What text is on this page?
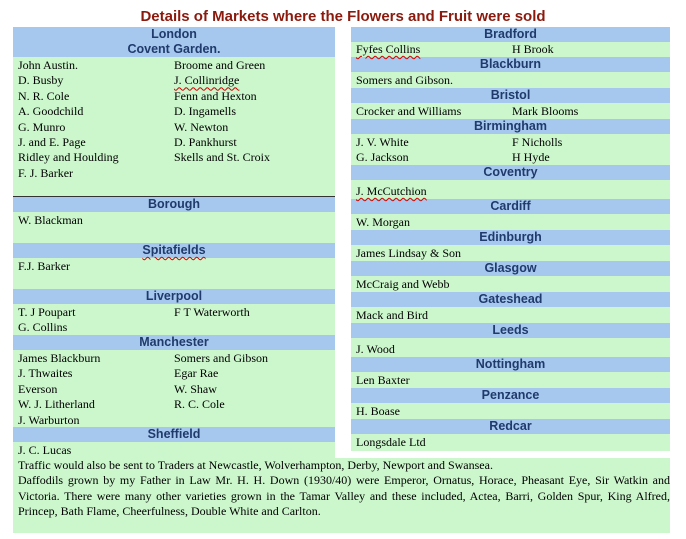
Details of Markets where the Flowers and Fruit were sold
London
Covent Garden.
John Austin.	Broome and Green
D. Busby	J. Collinridge
N. R. Cole	Fenn and Hexton
A. Goodchild	D. Ingamells
G. Munro	W. Newton
J. and E. Page	D. Pankhurst
Ridley and Houlding	Skells and St. Croix
F. J. Barker
Borough
W. Blackman
Spitafields
F.J. Barker
Liverpool
T. J Poupart	F T Waterworth
G. Collins
Manchester
James Blackburn	Somers and Gibson
J. Thwaites	Egar Rae
Everson	W. Shaw
W. J. Litherland	R. C. Cole
J. Warburton
Sheffield
J. C. Lucas
Bradford
Fyfes Collins	H Brook
Blackburn
Somers and Gibson.
Bristol
Crocker and Williams	Mark Blooms
Birmingham
J. V. White	F Nicholls
G. Jackson	H Hyde
Coventry
J. McCutchion
Cardiff
W. Morgan
Edinburgh
James Lindsay & Son
Glasgow
McCraig and Webb
Gateshead
Mack and Bird
Leeds
J. Wood
Nottingham
Len Baxter
Penzance
H. Boase
Redcar
Longsdale Ltd

Traffic would also be sent to Traders at Newcastle, Wolverhampton, Derby, Newport and Swansea.

Daffodils grown by my Father in Law Mr. H. H. Down (1930/40) were Emperor, Ornatus, Horace, Pheasant Eye, Sir Watkin and Victoria. There were many other varieties grown in the Tamar Valley and these included, Actea, Barri, Golden Spur, King Alfred, Princep, Bath Flame, Cheerfulness, Double White and Carlton.
